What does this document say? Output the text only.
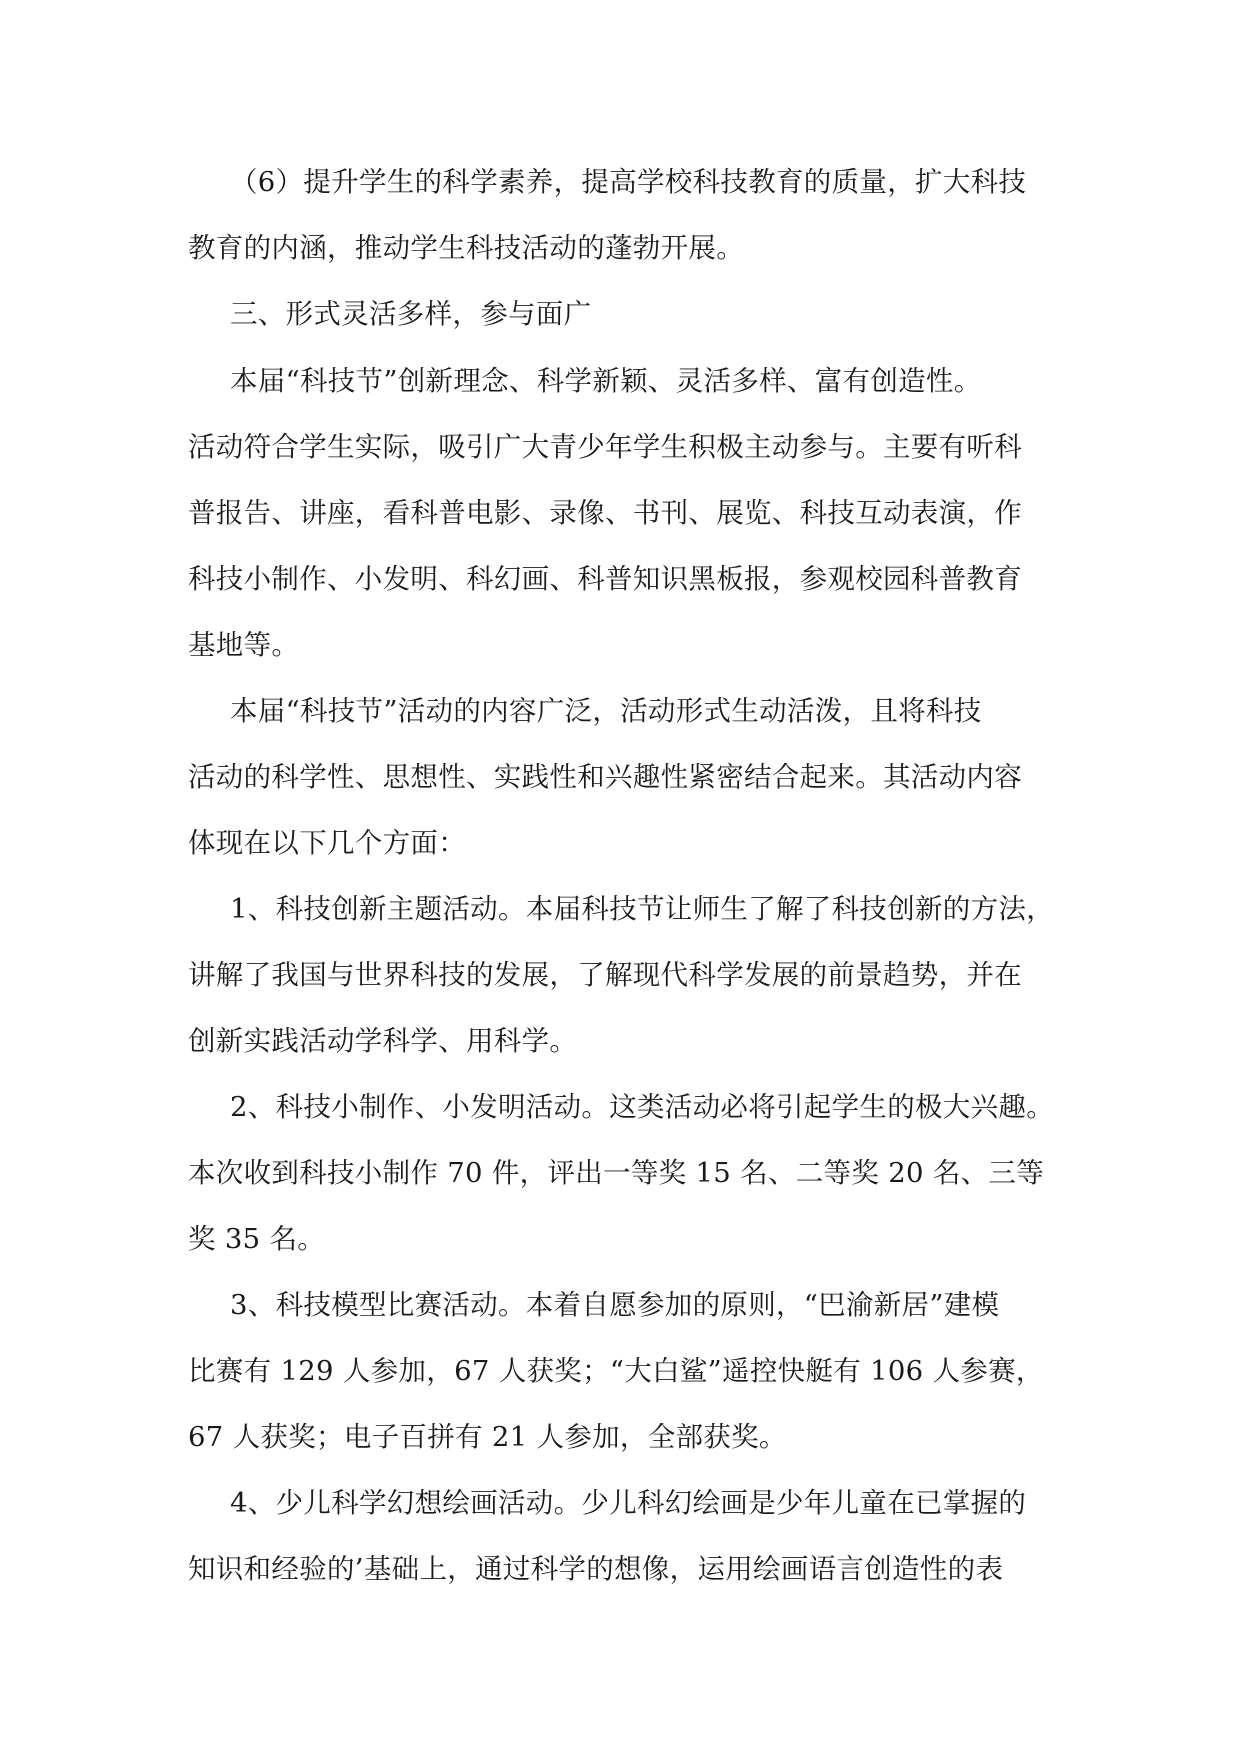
（6）提升学生的科学素养，提高学校科技教育的质量，扩大科技
教育的内涵，推动学生科技活动的蓬勃开展。
三、形式灵活多样，参与面广
本届“科技节”创新理念、科学新颖、灵活多样、富有创造性。
活动符合学生实际，吸引广大青少年学生积极主动参与。主要有听科
普报告、讲座，看科普电影、录像、书刊、展览、科技互动表演，作
科技小制作、小发明、科幻画、科普知识黑板报，参观校园科普教育
基地等。
本届“科技节”活动的内容广泛，活动形式生动活泼，且将科技
活动的科学性、思想性、实践性和兴趣性紧密结合起来。其活动内容
体现在以下几个方面：
1、科技创新主题活动。本届科技节让师生了解了科技创新的方法，
讲解了我国与世界科技的发展，了解现代科学发展的前景趋势，并在
创新实践活动学科学、用科学。
2、科技小制作、小发明活动。这类活动必将引起学生的极大兴趣。
本次收到科技小制作 70 件，评出一等奖 15 名、二等奖 20 名、三等
奖 35 名。
3、科技模型比赛活动。本着自愿参加的原则，“巴渝新居”建模
比赛有 129 人参加，67 人获奖；“大白鲨”遥控快艇有 106 人参赛，
67 人获奖；电子百拼有 21 人参加，全部获奖。
4、少儿科学幻想绘画活动。少儿科幻绘画是少年儿童在已掌握的
知识和经验的’基础上，通过科学的想像，运用绘画语言创造性的表
